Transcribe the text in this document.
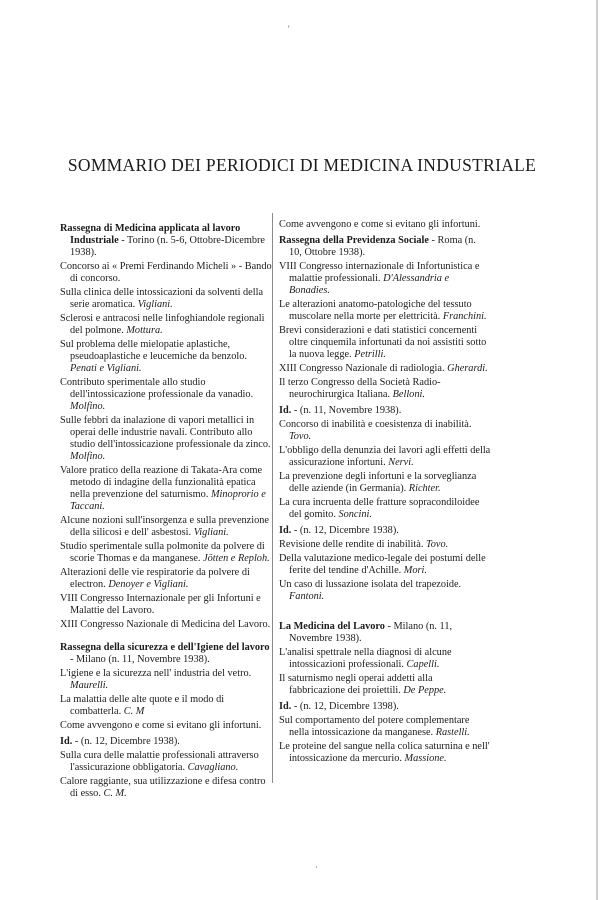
'
·
SOMMARIO DEI PERIODICI DI MEDICINA INDUSTRIALE
Rassegna di Medicina applicata al lavoro Industriale - Torino (n. 5-6, Ottobre-Dicembre 1938).
Concorso ai « Premi Ferdinando Micheli » - Bando di concorso.
Sulla clinica delle intossicazioni da solventi della serie aromatica. Vigliani.
Sclerosi e antracosi nelle linfoghiandole regionali del polmone. Mottura.
Sul problema delle mielopatie aplastiche, pseudoaplastiche e leucemiche da benzolo. Penati e Vigliani.
Contributo sperimentale allo studio dell'intossicazione professionale da vanadio. Molfino.
Sulle febbri da inalazione di vapori metallici in operai delle industrie navali. Contributo allo studio dell'intossicazione professionale da zinco. Molfino.
Valore pratico della reazione di Takata-Ara come metodo di indagine della funzionalità epatica nella prevenzione del saturnismo. Minoprorio e Taccani.
Alcune nozioni sull'insorgenza e sulla prevenzione della silicosi e dell' asbestosi. Vigliani.
Studio sperimentale sulla polmonite da polvere di scorie Thomas e da manganese. Jötten e Reploh.
Alterazioni delle vie respiratorie da polvere di electron. Denoyer e Vigliani.
VIII Congresso Internazionale per gli Infortuni e Malattie del Lavoro.
XIII Congresso Nazionale di Medicina del Lavoro.
Rassegna della sicurezza e dell'Igiene del lavoro - Milano (n. 11, Novembre 1938).
L'igiene e la sicurezza nell' industria del vetro. Maurelli.
La malattia delle alte quote e il modo di combatterla. C. M
Come avvengono e come si evitano gli infortuni.
Id. - (n. 12, Dicembre 1938).
Sulla cura delle malattie professionali attraverso l'assicurazione obbligatoria. Cavagliano.
Calore raggiante, sua utilizzazione e difesa contro di esso. C. M.
Come avvengono e come si evitano gli infortuni.
Rassegna della Previdenza Sociale - Roma (n. 10, Ottobre 1938).
VIII Congresso internazionale di Infortunistica e malattie professionali. D'Alessandria e Bonadies.
Le alterazioni anatomo-patologiche del tessuto muscolare nella morte per elettricità. Franchini.
Brevi considerazioni e dati statistici concernenti oltre cinquemila infortunati da noi assistiti sotto la nuova legge. Petrilli.
XIII Congresso Nazionale di radiologia. Gherardi.
Il terzo Congresso della Società Radio-neurochirurgica Italiana. Belloni.
Id. - (n. 11, Novembre 1938).
Concorso di inabilità e coesistenza di inabilità. Tovo.
L'obbligo della denunzia dei lavori agli effetti della assicurazione infortuni. Nervi.
La prevenzione degli infortuni e la sorveglianza delle aziende (in Germania). Richter.
La cura incruenta delle fratture sopracondiloidee del gomito. Soncini.
Id. - (n. 12, Dicembre 1938).
Revisione delle rendite di inabilità. Tovo.
Della valutazione medico-legale dei postumi delle ferite del tendine d'Achille. Mori.
Un caso di lussazione isolata del trapezoide. Fantoni.
La Medicina del Lavoro - Milano (n. 11, Novembre 1938).
L'analisi spettrale nella diagnosi di alcune intossicazioni professionali. Capelli.
Il saturnismo negli operai addetti alla fabbricazione dei proiettili. De Peppe.
Id. - (n. 12, Dicembre 1398).
Sul comportamento del potere complementare nella intossicazione da manganese. Rastelli.
Le proteine del sangue nella colica saturnina e nell' intossicazione da mercurio. Massione.
